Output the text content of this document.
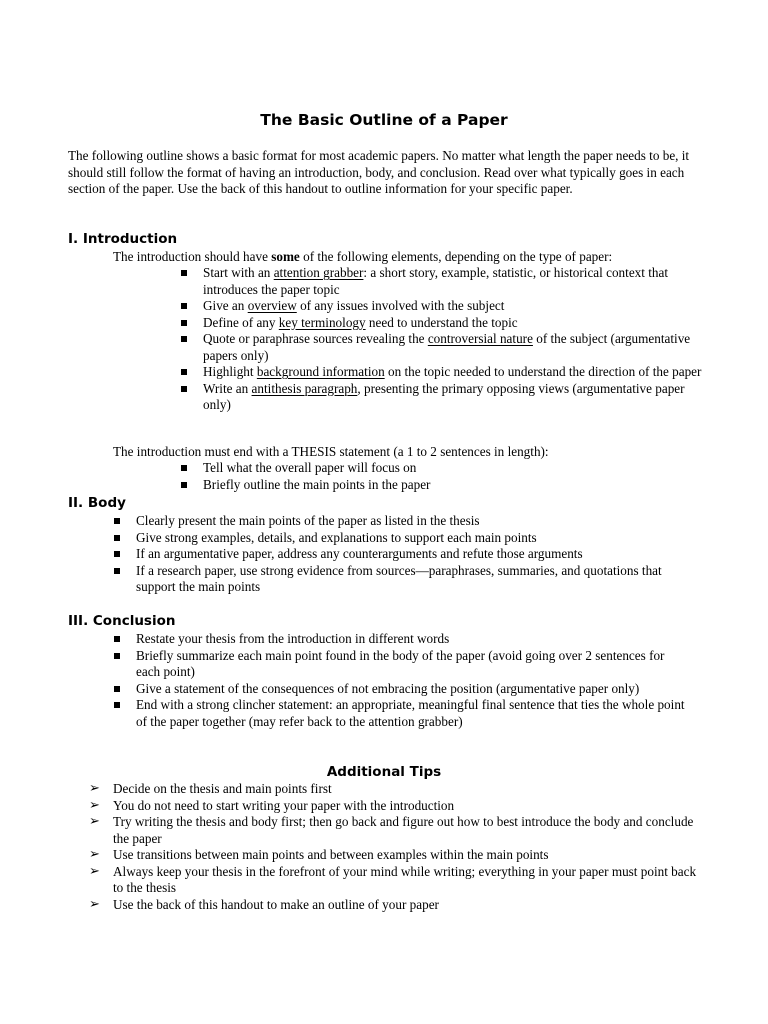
The Basic Outline of a Paper
The following outline shows a basic format for most academic papers. No matter what length the paper needs to be, it should still follow the format of having an introduction, body, and conclusion. Read over what typically goes in each section of the paper. Use the back of this handout to outline information for your specific paper.
I. Introduction
The introduction should have some of the following elements, depending on the type of paper:
Start with an attention grabber: a short story, example, statistic, or historical context that introduces the paper topic
Give an overview of any issues involved with the subject
Define of any key terminology need to understand the topic
Quote or paraphrase sources revealing the controversial nature of the subject (argumentative papers only)
Highlight background information on the topic needed to understand the direction of the paper
Write an antithesis paragraph, presenting the primary opposing views (argumentative paper only)
The introduction must end with a THESIS statement (a 1 to 2 sentences in length):
Tell what the overall paper will focus on
Briefly outline the main points in the paper
II. Body
Clearly present the main points of the paper as listed in the thesis
Give strong examples, details, and explanations to support each main points
If an argumentative paper, address any counterarguments and refute those arguments
If a research paper, use strong evidence from sources—paraphrases, summaries, and quotations that support the main points
III. Conclusion
Restate your thesis from the introduction in different words
Briefly summarize each main point found in the body of the paper (avoid going over 2 sentences for each point)
Give a statement of the consequences of not embracing the position (argumentative paper only)
End with a strong clincher statement: an appropriate, meaningful final sentence that ties the whole point of the paper together (may refer back to the attention grabber)
Additional Tips
➢ Decide on the thesis and main points first
➢ You do not need to start writing your paper with the introduction
➢ Try writing the thesis and body first; then go back and figure out how to best introduce the body and conclude the paper
➢ Use transitions between main points and between examples within the main points
➢ Always keep your thesis in the forefront of your mind while writing; everything in your paper must point back to the thesis
➢ Use the back of this handout to make an outline of your paper
